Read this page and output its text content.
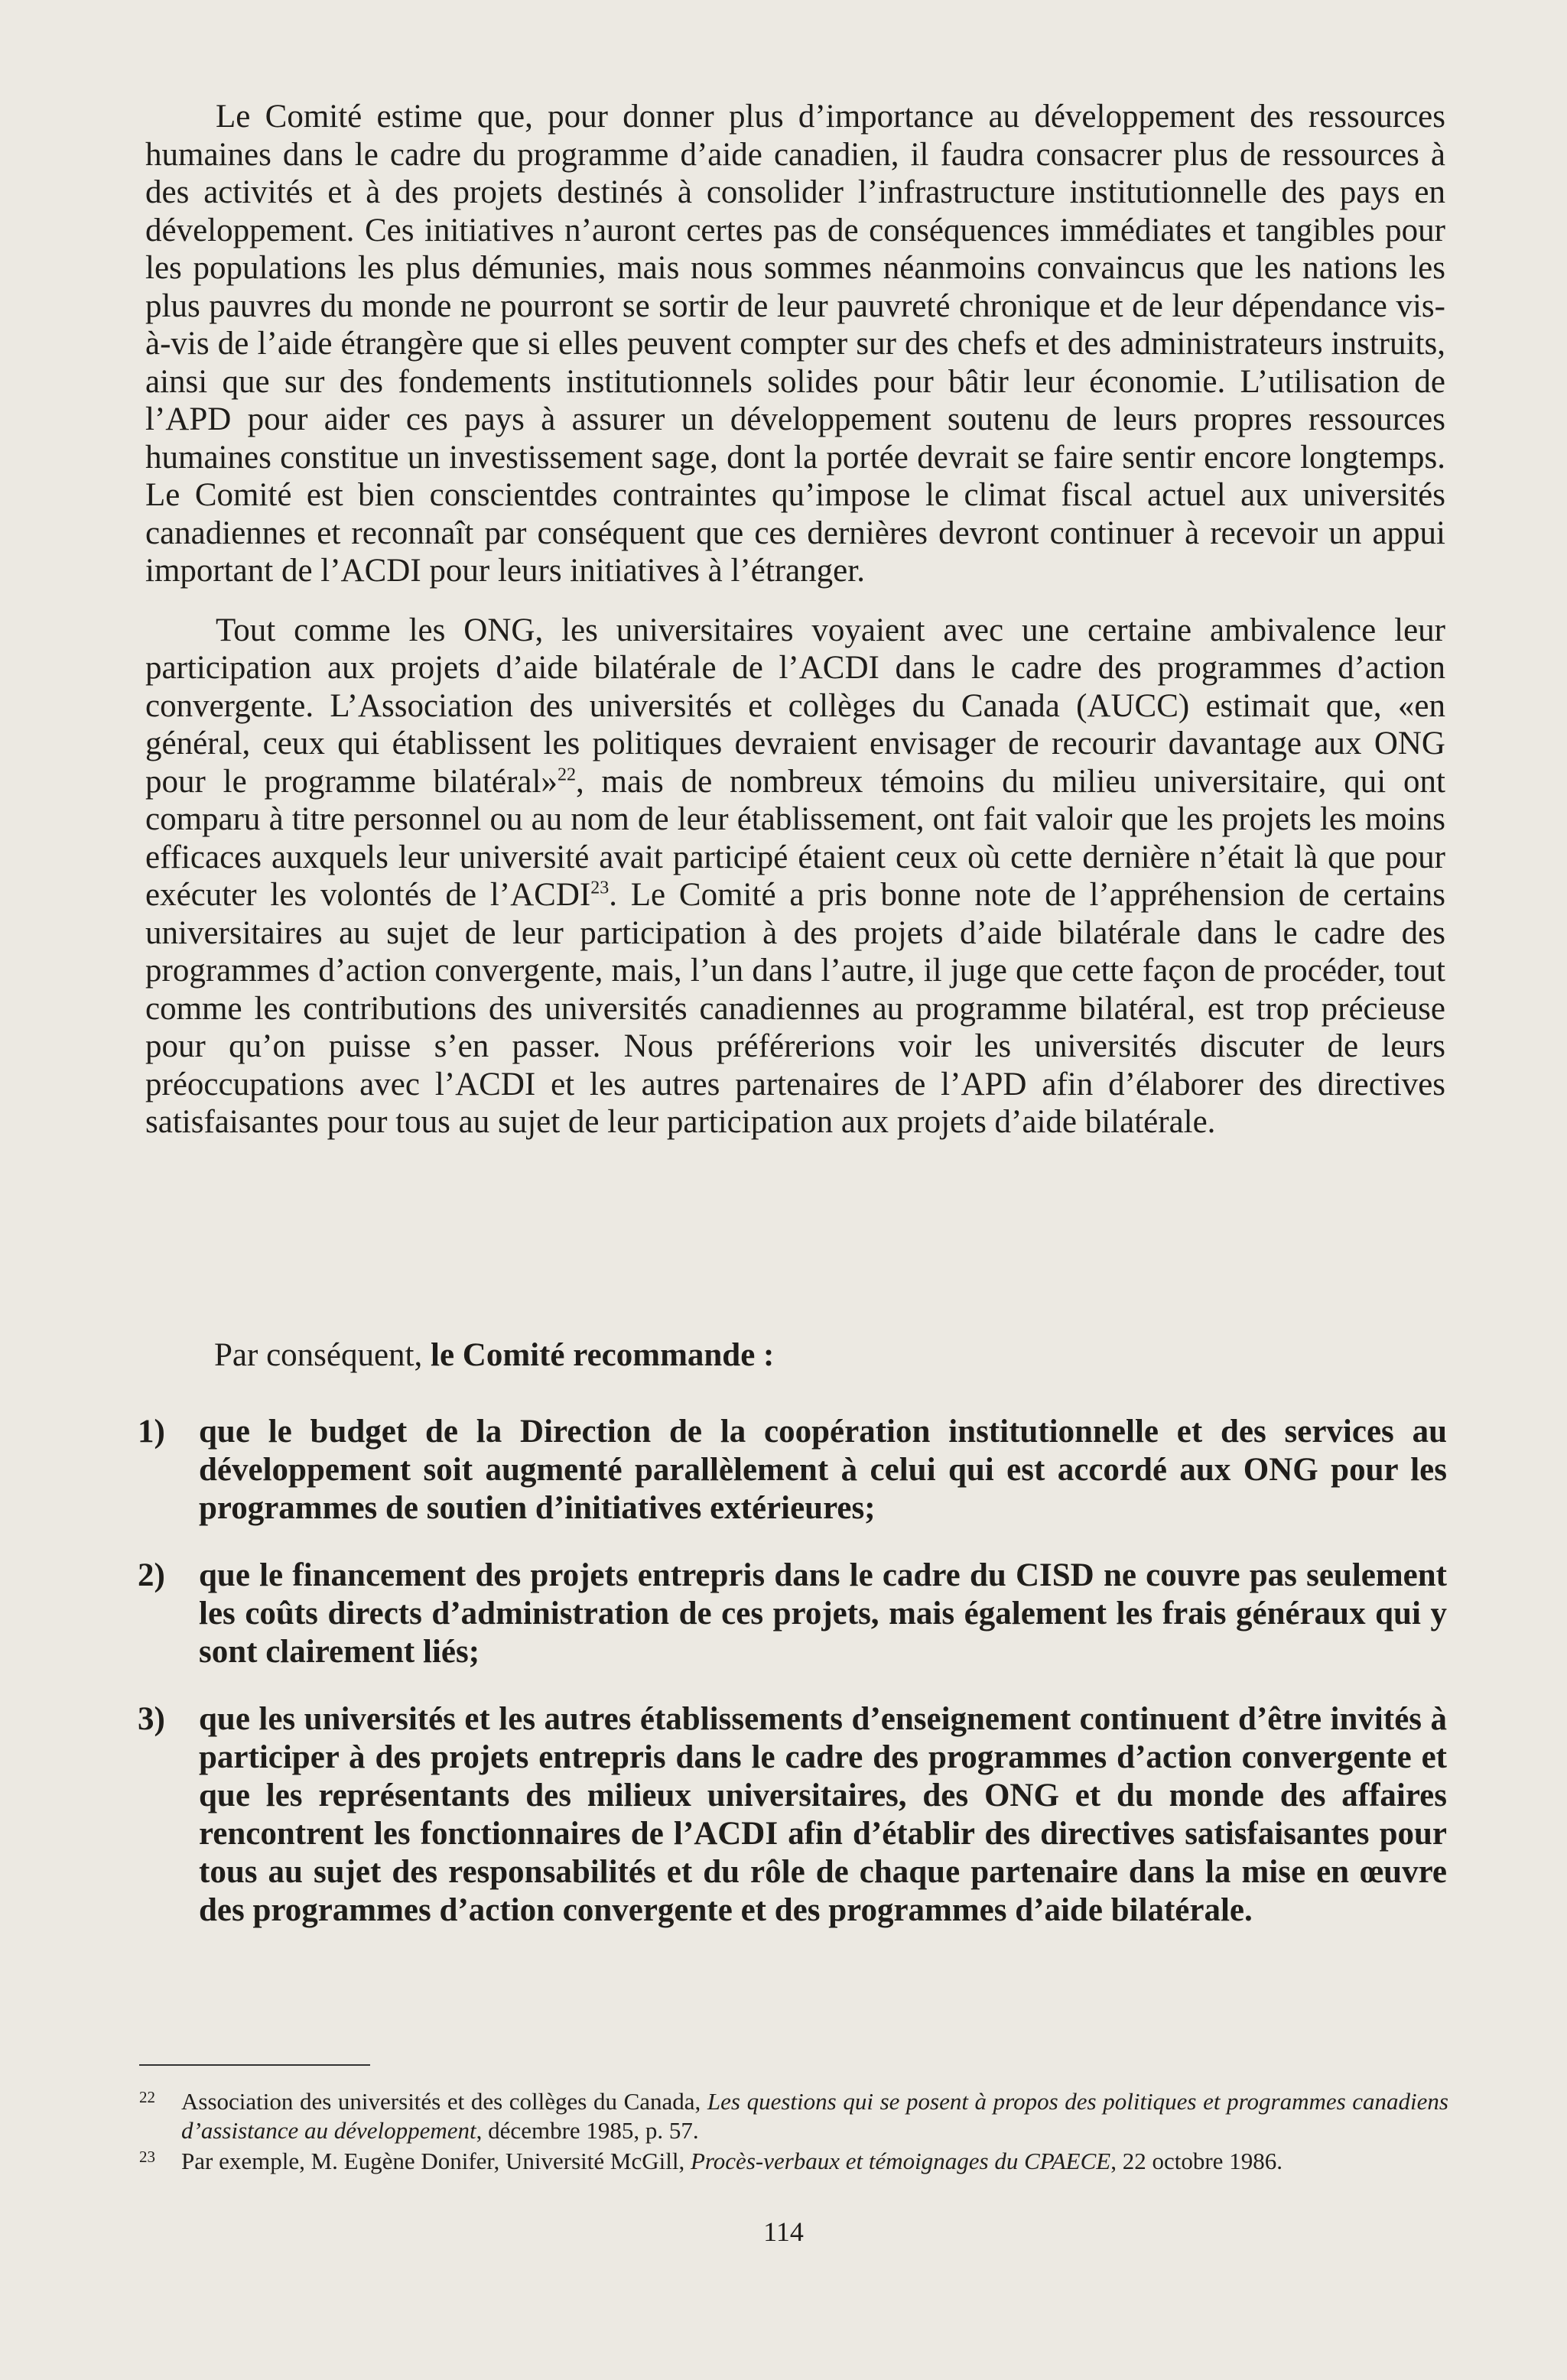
Le Comité estime que, pour donner plus d’importance au développement des ressources humaines dans le cadre du programme d’aide canadien, il faudra consacrer plus de ressources à des activités et à des projets destinés à consolider l’infrastructure institutionnelle des pays en développement. Ces initiatives n’auront certes pas de conséquences immédiates et tangibles pour les populations les plus démunies, mais nous sommes néanmoins convaincus que les nations les plus pauvres du monde ne pourront se sortir de leur pauvreté chronique et de leur dépendance vis-à-vis de l’aide étrangère que si elles peuvent compter sur des chefs et des administrateurs instruits, ainsi que sur des fondements institutionnels solides pour bâtir leur économie. L’utilisation de l’APD pour aider ces pays à assurer un développement soutenu de leurs propres ressources humaines constitue un investissement sage, dont la portée devrait se faire sentir encore longtemps. Le Comité est bien conscientdes contraintes qu’impose le climat fiscal actuel aux universités canadiennes et reconnaît par conséquent que ces dernières devront continuer à recevoir un appui important de l’ACDI pour leurs initiatives à l’étranger.

Tout comme les ONG, les universitaires voyaient avec une certaine ambivalence leur participation aux projets d’aide bilatérale de l’ACDI dans le cadre des programmes d’action convergente. L’Association des universités et collèges du Canada (AUCC) estimait que, «en général, ceux qui établissent les politiques devraient envisager de recourir davantage aux ONG pour le programme bilatéral»$^{22}$, mais de nombreux témoins du milieu universitaire, qui ont comparu à titre personnel ou au nom de leur établissement, ont fait valoir que les projets les moins efficaces auxquels leur université avait participé étaient ceux où cette dernière n’était là que pour exécuter les volontés de l’ACDI$^{23}$. Le Comité a pris bonne note de l’appréhension de certains universitaires au sujet de leur participation à des projets d’aide bilatérale dans le cadre des programmes d’action convergente, mais, l’un dans l’autre, il juge que cette façon de procéder, tout comme les contributions des universités canadiennes au programme bilatéral, est trop précieuse pour qu’on puisse s’en passer. Nous préférerions voir les universités discuter de leurs préoccupations avec l’ACDI et les autres partenaires de l’APD afin d’élaborer des directives satisfaisantes pour tous au sujet de leur participation aux projets d’aide bilatérale.

Par conséquent, le Comité recommande :

1) que le budget de la Direction de la coopération institutionnelle et des services au développement soit augmenté parallèlement à celui qui est accordé aux ONG pour les programmes de soutien d’initiatives extérieures;
2) que le financement des projets entrepris dans le cadre du CISD ne couvre pas seulement les coûts directs d’administration de ces projets, mais également les frais généraux qui y sont clairement liés;
3) que les universités et les autres établissements d’enseignement continuent d’être invités à participer à des projets entrepris dans le cadre des programmes d’action convergente et que les représentants des milieux universitaires, des ONG et du monde des affaires rencontrent les fonctionnaires de l’ACDI afin d’établir des directives satisfaisantes pour tous au sujet des responsabilités et du rôle de chaque partenaire dans la mise en œuvre des programmes d’action convergente et des programmes d’aide bilatérale.
22 Association des universités et des collèges du Canada, Les questions qui se posent à propos des politiques et programmes canadiens d’assistance au développement, décembre 1985, p. 57.
23 Par exemple, M. Eugène Donifer, Université McGill, Procès-verbaux et témoignages du CPAECE, 22 octobre 1986.
114
